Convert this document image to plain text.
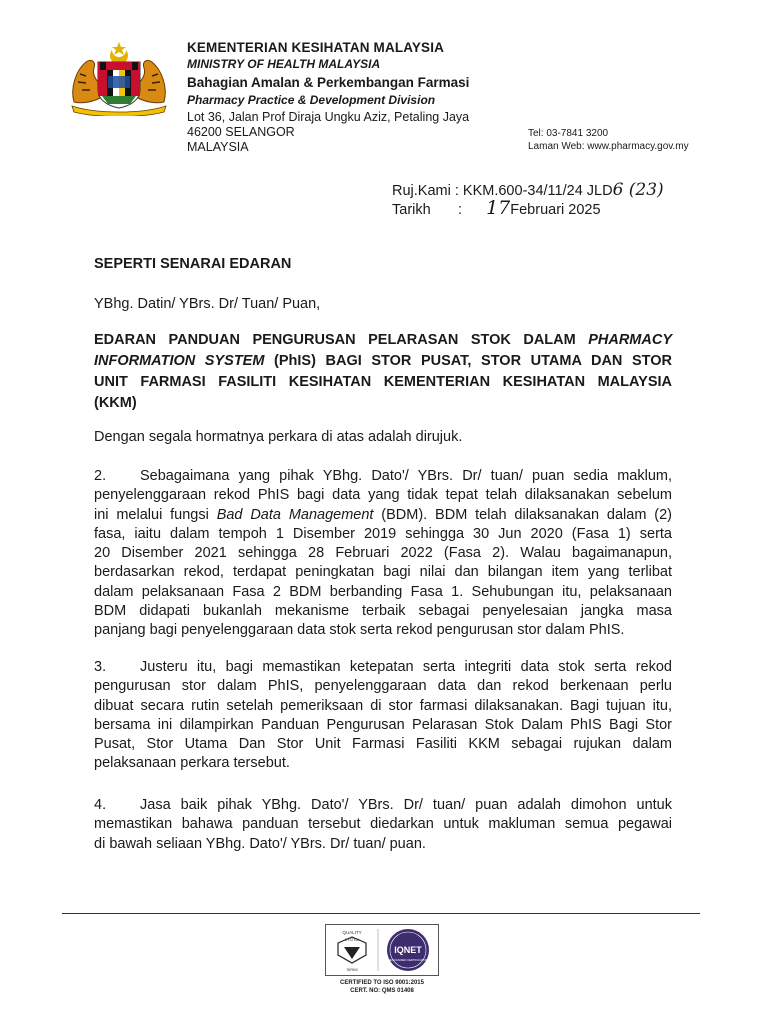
KEMENTERIAN KESIHATAN MALAYSIA
MINISTRY OF HEALTH MALAYSIA
Bahagian Amalan & Perkembangan Farmasi
Pharmacy Practice & Development Division
Lot 36, Jalan Prof Diraja Ungku Aziz, Petaling Jaya
46200 SELANGOR
MALAYSIA
Tel: 03-7841 3200
Laman Web: www.pharmacy.gov.my
Ruj.Kami : KKM.600-34/11/24 JLD6 (23)
Tarikh : 17Februari 2025
SEPERTI SENARAI EDARAN
YBhg. Datin/ YBrs. Dr/ Tuan/ Puan,
EDARAN PANDUAN PENGURUSAN PELARASAN STOK DALAM PHARMACY
INFORMATION SYSTEM (PhIS) BAGI STOR PUSAT, STOR UTAMA DAN STOR
UNIT FARMASI FASILITI KESIHATAN KEMENTERIAN KESIHATAN MALAYSIA
(KKM)
Dengan segala hormatnya perkara di atas adalah dirujuk.
2. Sebagaimana yang pihak YBhg. Dato'/ YBrs. Dr/ tuan/ puan sedia maklum,
penyelenggaraan rekod PhIS bagi data yang tidak tepat telah dilaksanakan sebelum
ini melalui fungsi Bad Data Management (BDM). BDM telah dilaksanakan dalam (2)
fasa, iaitu dalam tempoh 1 Disember 2019 sehingga 30 Jun 2020 (Fasa 1) serta
20 Disember 2021 sehingga 28 Februari 2022 (Fasa 2). Walau bagaimanapun,
berdasarkan rekod, terdapat peningkatan bagi nilai dan bilangan item yang terlibat
dalam pelaksanaan Fasa 2 BDM berbanding Fasa 1. Sehubungan itu, pelaksanaan
BDM didapati bukanlah mekanisme terbaik sebagai penyelesaian jangka masa
panjang bagi penyelenggaraan data stok serta rekod pengurusan stor dalam PhIS.
3. Justeru itu, bagi memastikan ketepatan serta integriti data stok serta rekod
pengurusan stor dalam PhIS, penyelenggaraan data dan rekod berkenaan perlu
dibuat secara rutin setelah pemeriksaan di stor farmasi dilaksanakan. Bagi tujuan itu,
bersama ini dilampirkan Panduan Pengurusan Pelarasan Stok Dalam PhIS Bagi Stor
Pusat, Stor Utama Dan Stor Unit Farmasi Fasiliti KKM sebagai rujukan dalam
pelaksanaan perkara tersebut.
4. Jasa baik pihak YBhg. Dato'/ YBrs. Dr/ tuan/ puan adalah dimohon untuk
memastikan bahawa panduan tersebut diedarkan untuk makluman semua pegawai
di bawah seliaan YBhg. Dato'/ YBrs. Dr/ tuan/ puan.
QUALITY
SYSTEM
SIRIM
IQNET
RECOGNIZED CERTIFICATION
CERTIFIED TO ISO 9001:2015
CERT. NO: QMS 01408
